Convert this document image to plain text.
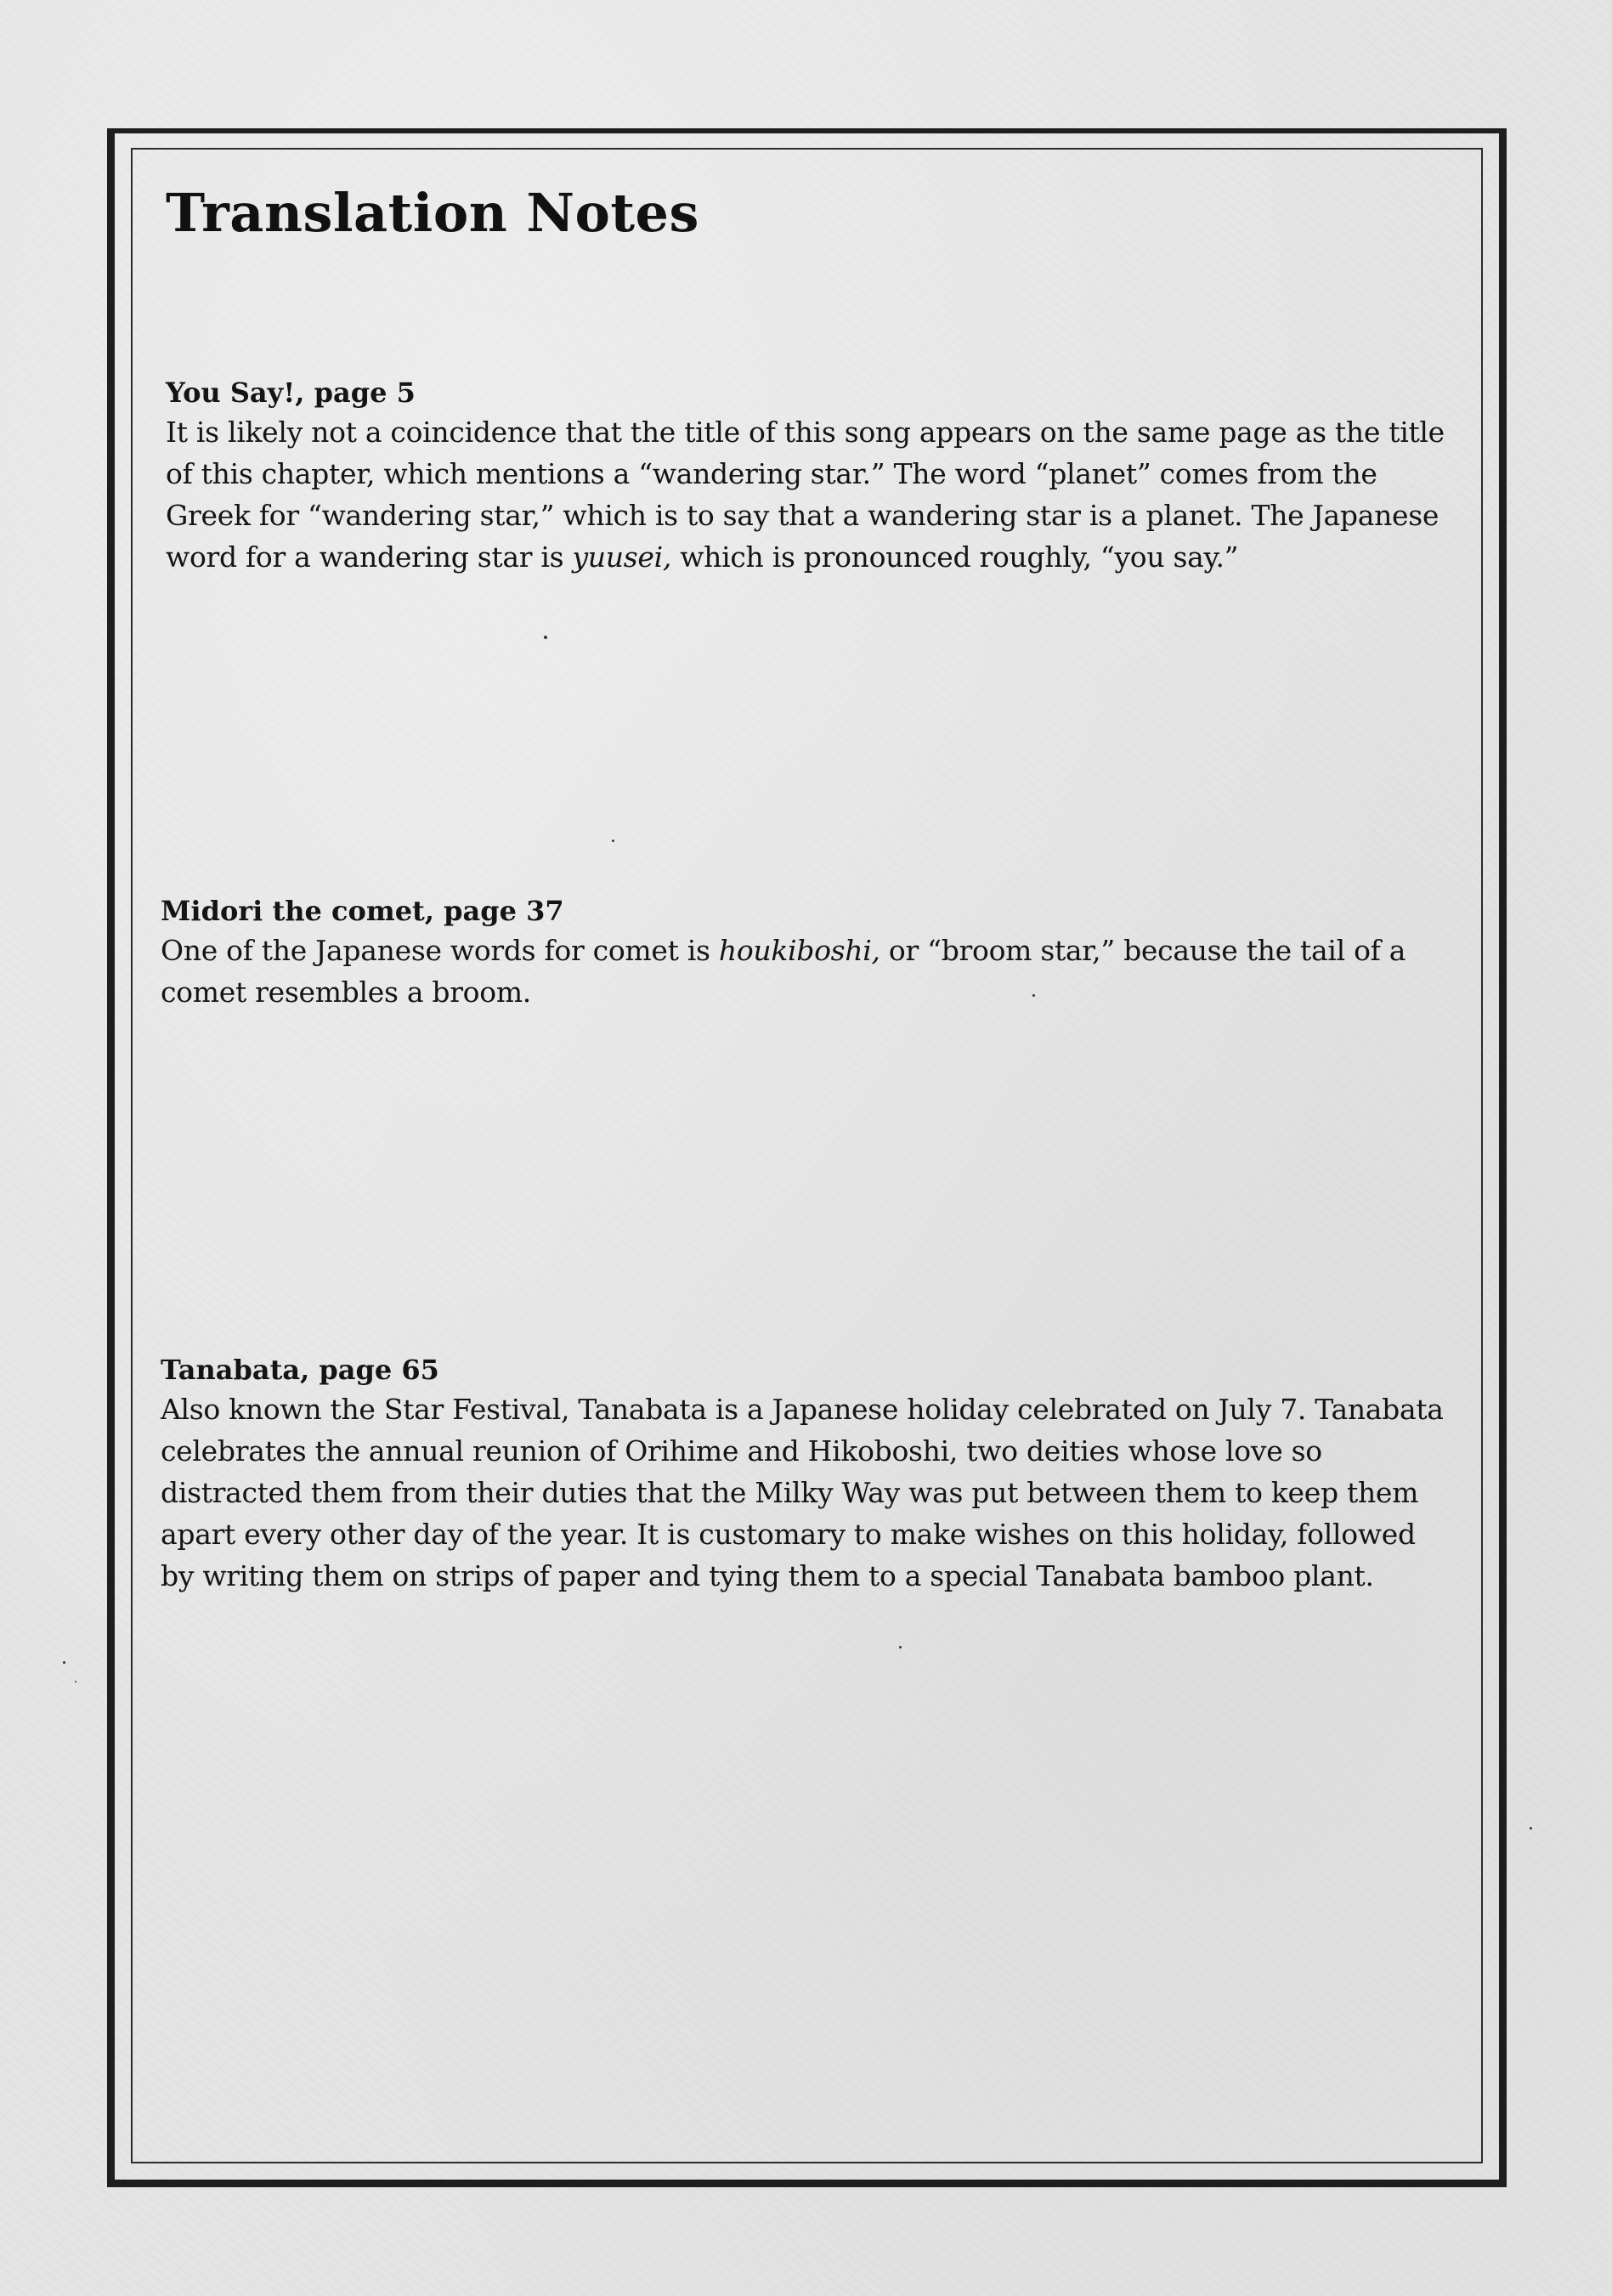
Translation Notes

You Say!, page 5

It is likely not a coincidence that the title of this song appears on the same page as the title of this chapter, which mentions a “wandering star.” The word “planet” comes from the Greek for “wandering star,” which is to say that a wandering star is a planet. The Japanese word for a wandering star is yuusei, which is pronounced roughly, “you say.”

Midori the comet, page 37

One of the Japanese words for comet is houkiboshi, or “broom star,” because the tail of a comet resembles a broom.

Tanabata, page 65

Also known the Star Festival, Tanabata is a Japanese holiday celebrated on July 7. Tanabata celebrates the annual reunion of Orihime and Hikoboshi, two deities whose love so distracted them from their duties that the Milky Way was put between them to keep them apart every other day of the year. It is customary to make wishes on this holiday, followed by writing them on strips of paper and tying them to a special Tanabata bamboo plant.
